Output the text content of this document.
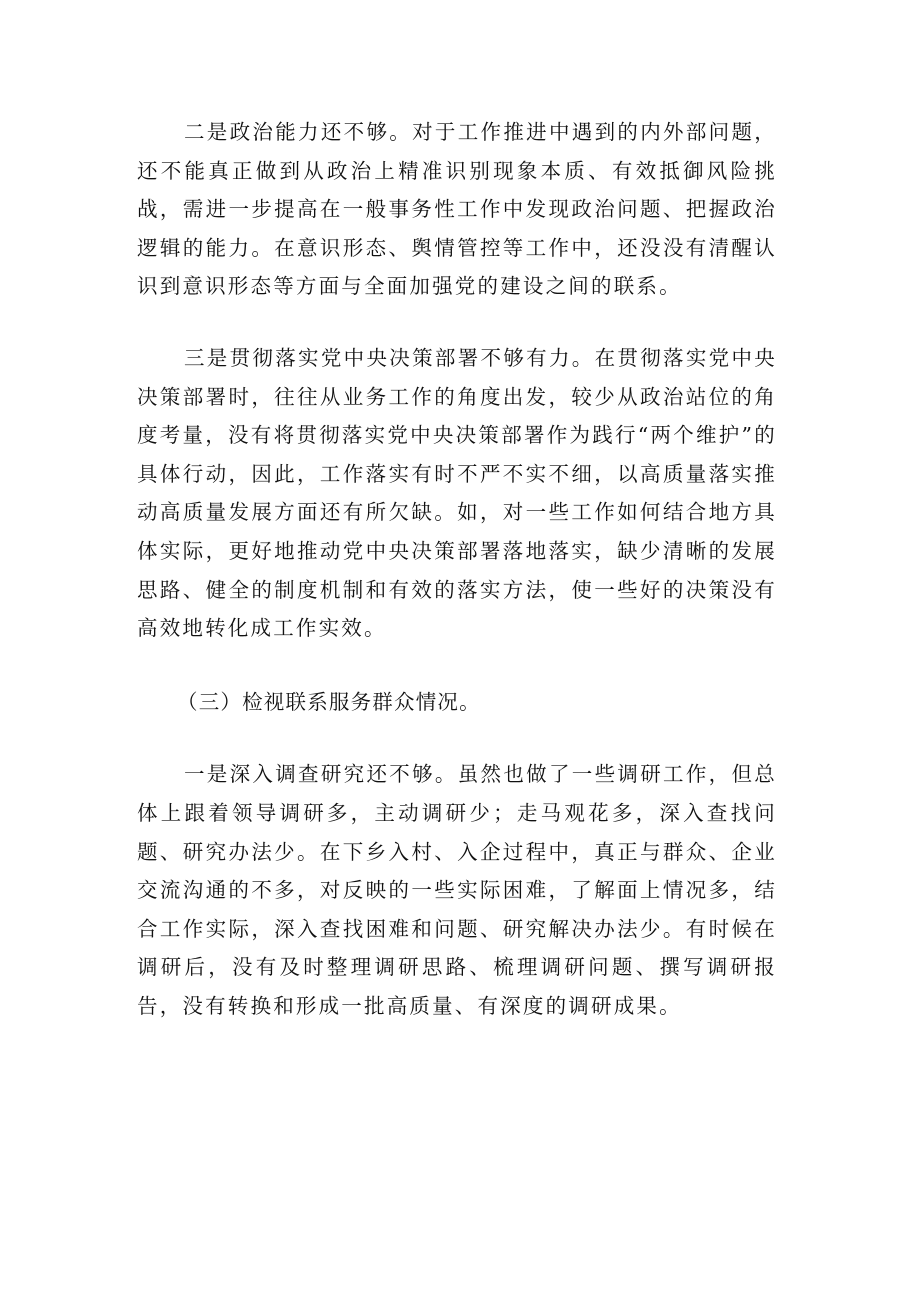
二是政治能力还不够。对于工作推进中遇到的内外部问题，还不能真正做到从政治上精准识别现象本质、有效抵御风险挑战，需进一步提高在一般事务性工作中发现政治问题、把握政治逻辑的能力。在意识形态、舆情管控等工作中，还没没有清醒认识到意识形态等方面与全面加强党的建设之间的联系。

三是贯彻落实党中央决策部署不够有力。在贯彻落实党中央决策部署时，往往从业务工作的角度出发，较少从政治站位的角度考量，没有将贯彻落实党中央决策部署作为践行“两个维护”的具体行动，因此，工作落实有时不严不实不细，以高质量落实推动高质量发展方面还有所欠缺。如，对一些工作如何结合地方具体实际，更好地推动党中央决策部署落地落实，缺少清晰的发展思路、健全的制度机制和有效的落实方法，使一些好的决策没有高效地转化成工作实效。

（三）检视联系服务群众情况。

一是深入调查研究还不够。虽然也做了一些调研工作，但总体上跟着领导调研多，主动调研少；走马观花多，深入查找问题、研究办法少。在下乡入村、入企过程中，真正与群众、企业交流沟通的不多，对反映的一些实际困难，了解面上情况多，结合工作实际，深入查找困难和问题、研究解决办法少。有时候在调研后，没有及时整理调研思路、梳理调研问题、撰写调研报告，没有转换和形成一批高质量、有深度的调研成果。
